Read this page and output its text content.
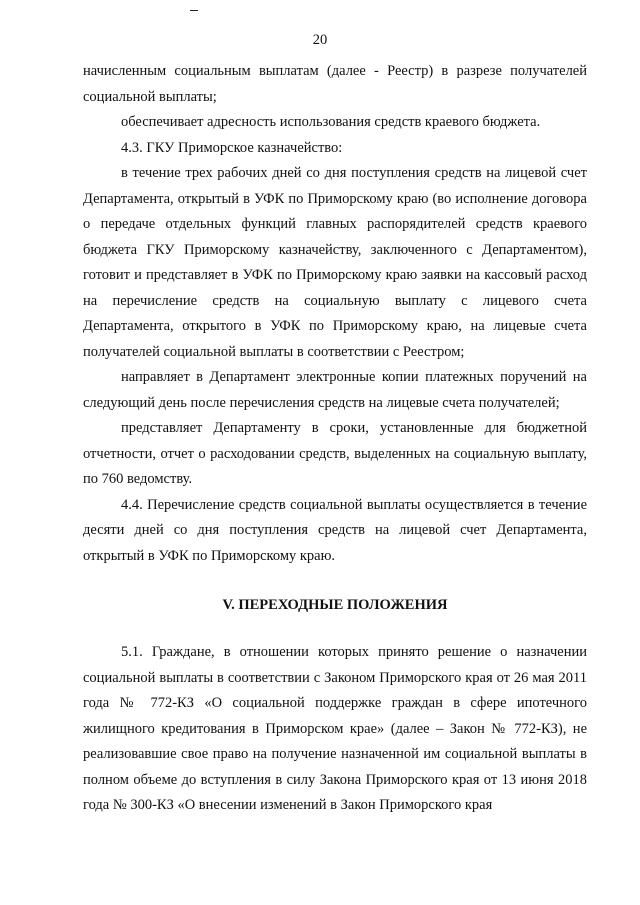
20

начисленным социальным выплатам (далее - Реестр) в разрезе получателей социальной выплаты;

обеспечивает адресность использования средств краевого бюджета.

4.3. ГКУ Приморское казначейство:

в течение трех рабочих дней со дня поступления средств на лицевой счет Департамента, открытый в УФК по Приморскому краю (во исполнение договора о передаче отдельных функций главных распорядителей средств краевого бюджета ГКУ Приморскому казначейству, заключенного с Департаментом), готовит и представляет в УФК по Приморскому краю заявки на кассовый расход на перечисление средств на социальную выплату с лицевого счета Департамента, открытого в УФК по Приморскому краю, на лицевые счета получателей социальной выплаты в соответствии с Реестром;

направляет в Департамент электронные копии платежных поручений на следующий день после перечисления средств на лицевые счета получателей;

представляет Департаменту в сроки, установленные для бюджетной отчетности, отчет о расходовании средств, выделенных на социальную выплату, по 760 ведомству.

4.4. Перечисление средств социальной выплаты осуществляется в течение десяти дней со дня поступления средств на лицевой счет Департамента, открытый в УФК по Приморскому краю.

V. ПЕРЕХОДНЫЕ ПОЛОЖЕНИЯ

5.1. Граждане, в отношении которых принято решение о назначении социальной выплаты в соответствии с Законом Приморского края от 26 мая 2011 года № 772-КЗ «О социальной поддержке граждан в сфере ипотечного жилищного кредитования в Приморском крае» (далее – Закон № 772-КЗ), не реализовавшие свое право на получение назначенной им социальной выплаты в полном объеме до вступления в силу Закона Приморского края от 13 июня 2018 года № 300-КЗ «О внесении изменений в Закон Приморского края
